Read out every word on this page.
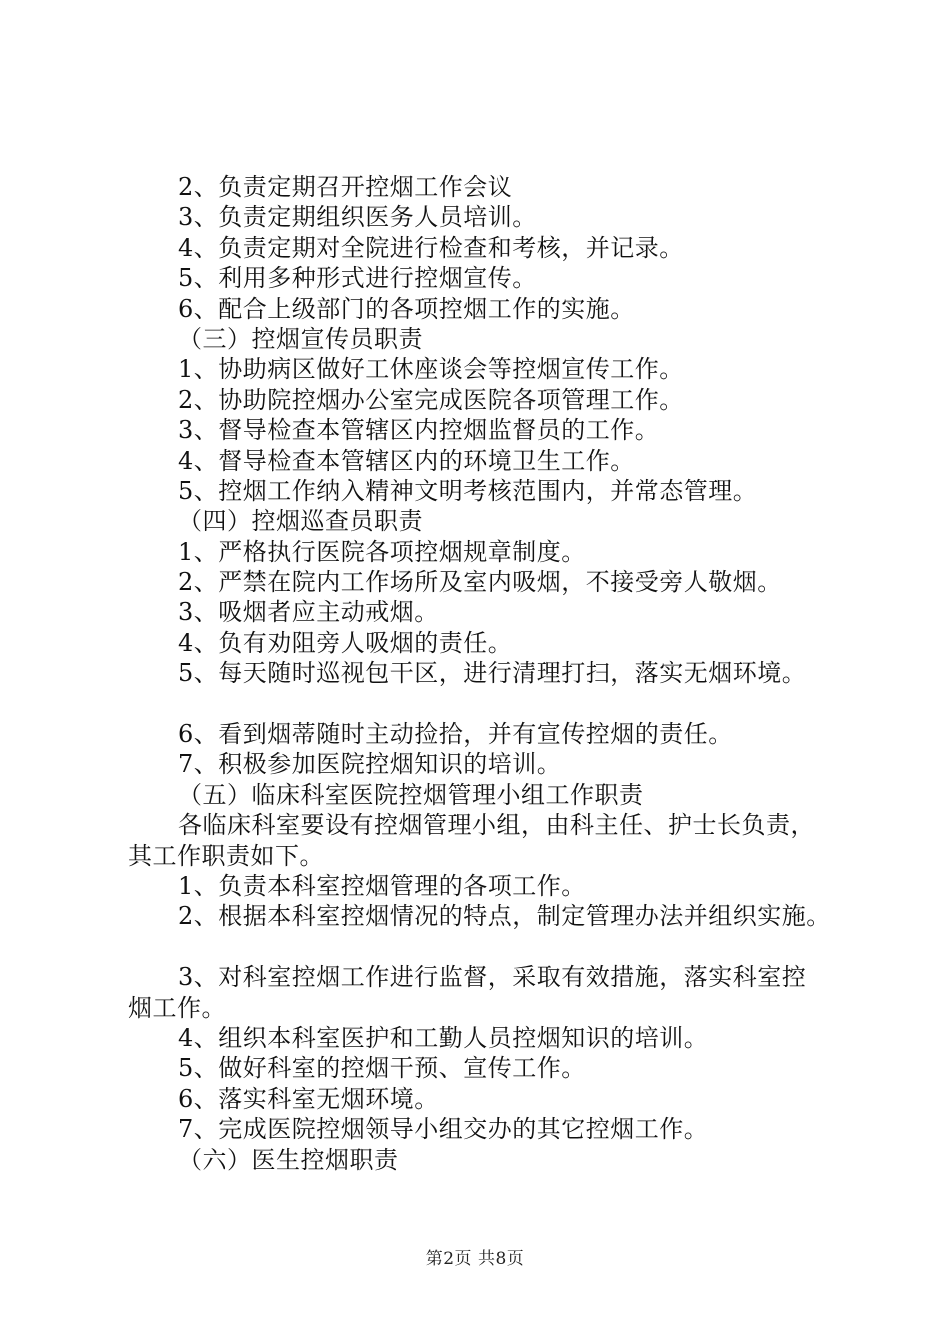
2、负责定期召开控烟工作会议
3、负责定期组织医务人员培训。
4、负责定期对全院进行检查和考核，并记录。
5、利用多种形式进行控烟宣传。
6、配合上级部门的各项控烟工作的实施。
（三）控烟宣传员职责
1、协助病区做好工休座谈会等控烟宣传工作。
2、协助院控烟办公室完成医院各项管理工作。
3、督导检查本管辖区内控烟监督员的工作。
4、督导检查本管辖区内的环境卫生工作。
5、控烟工作纳入精神文明考核范围内，并常态管理。
（四）控烟巡查员职责
1、严格执行医院各项控烟规章制度。
2、严禁在院内工作场所及室内吸烟，不接受旁人敬烟。
3、吸烟者应主动戒烟。
4、负有劝阻旁人吸烟的责任。
5、每天随时巡视包干区，进行清理打扫，落实无烟环境。
6、看到烟蒂随时主动捡拾，并有宣传控烟的责任。
7、积极参加医院控烟知识的培训。
（五）临床科室医院控烟管理小组工作职责
各临床科室要设有控烟管理小组，由科主任、护士长负责，
其工作职责如下。
1、负责本科室控烟管理的各项工作。
2、根据本科室控烟情况的特点，制定管理办法并组织实施。
3、对科室控烟工作进行监督，采取有效措施，落实科室控
烟工作。
4、组织本科室医护和工勤人员控烟知识的培训。
5、做好科室的控烟干预、宣传工作。
6、落实科室无烟环境。
7、完成医院控烟领导小组交办的其它控烟工作。
（六）医生控烟职责
第2页 共8页
